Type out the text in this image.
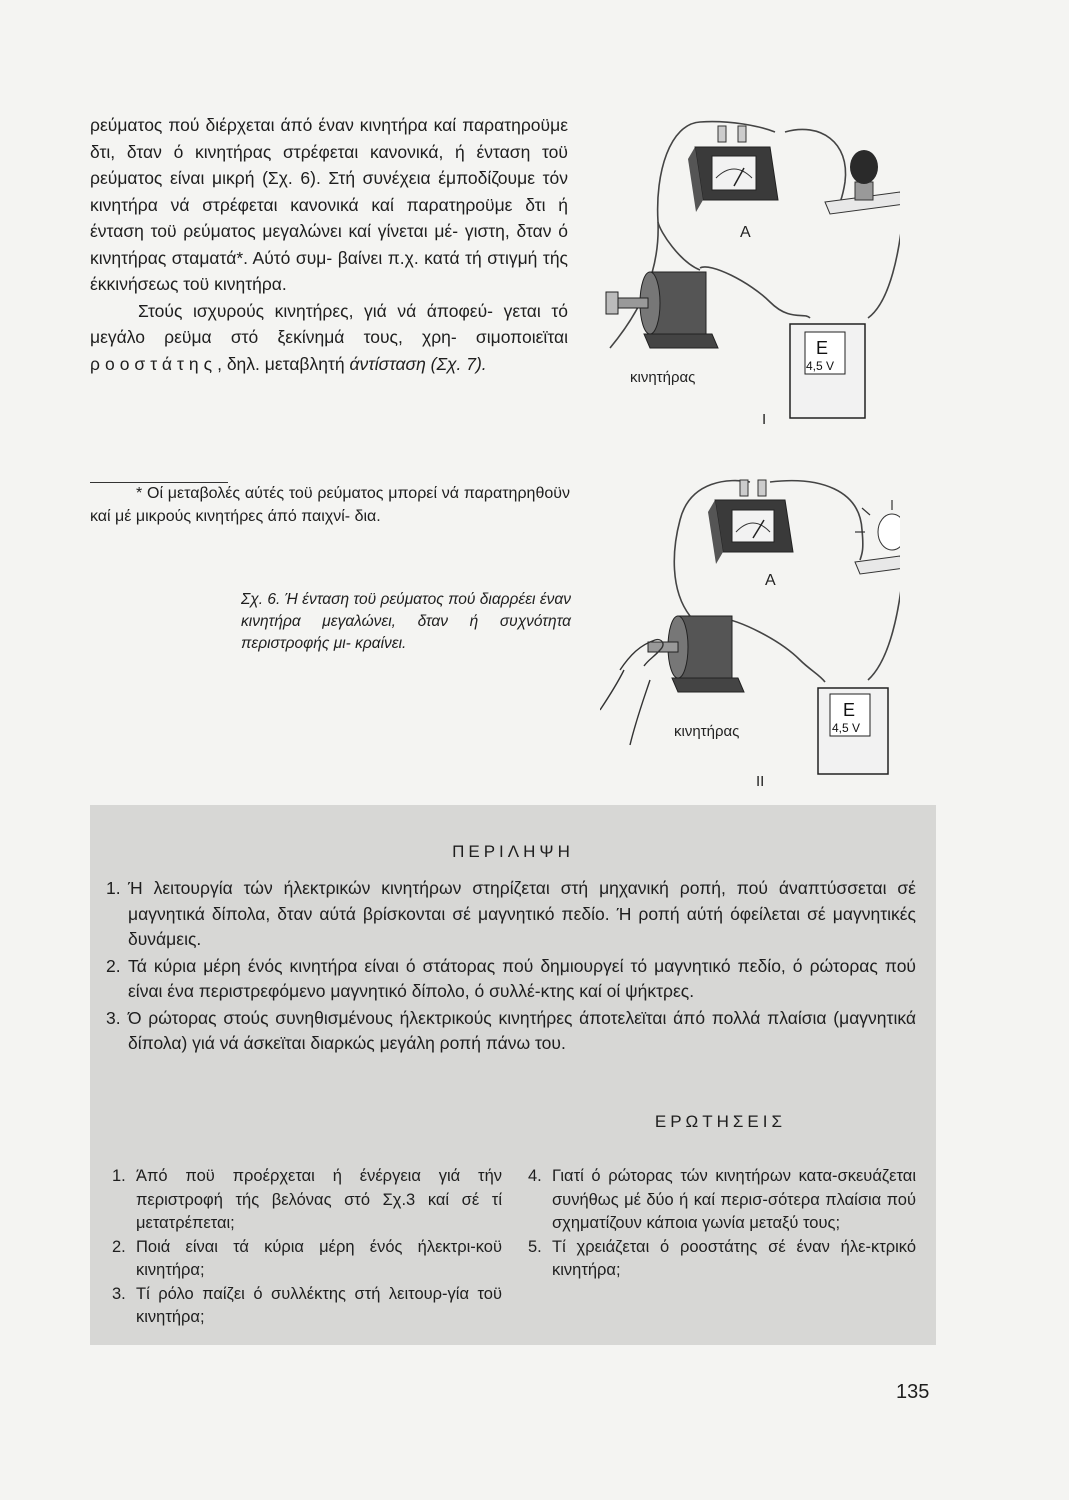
ρεύματος πού διέρχεται άπό έναν κινητήρα καί παρατηροϋμε δτι, δταν ό κινητήρας στρέφεται κανονικά, ή ένταση τοϋ ρεύματος είναι μικρή (Σχ. 6). Στή συνέχεια έμποδίζουμε τόν κινητήρα νά στρέφεται κανονικά καί παρατηροϋμε δτι ή ένταση τοϋ ρεύματος μεγαλώνει καί γίνεται μέ- γιστη, δταν ό κινητήρας σταματά*. Αύτό συμ- βαίνει π.χ. κατά τή στιγμή τής έκκινήσεως τοϋ κινητήρα.

Στούς ισχυρούς κινητήρες, γιά νά άποφεύ- γεται τό μεγάλο ρεϋμα στό ξεκίνημά τους, χρη- σιμοποιεϊται ροοστάτης, δηλ. μεταβλητή άντίσταση (Σχ. 7).

* Οί μεταβολές αύτές τοϋ ρεύματος μπορεί νά παρατηρηθοϋν καί μέ μικρούς κινητήρες άπό παιχνί- δια.

Σχ. 6. Ή ένταση τοϋ ρεύματος πού διαρρέει έναν κινητήρα μεγαλώνει, δταν ή συχνότητα περιστροφής μι- κραίνει.

A
E
4,5 V
κινητήρας
I
A
E
4,5 V
κινητήρας
II
ΠΕΡΙΛΗΨΗ
1. Ή λειτουργία τών ήλεκτρικών κινητήρων στηρίζεται στή μηχανική ροπή, πού άναπτύσσεται σέ μαγνητικά δίπολα, δταν αύτά βρίσκονται σέ μαγνητικό πεδίο. Ή ροπή αύτή όφείλεται σέ μαγνητικές δυνάμεις.
2. Τά κύρια μέρη ένός κινητήρα είναι ό στάτορας πού δημιουργεί τό μαγνητικό πεδίο, ό ρώτορας πού είναι ένα περιστρεφόμενο μαγνητικό δίπολο, ό συλλέ-κτης καί οί ψήκτρες.
3. Ό ρώτορας στούς συνηθισμένους ήλεκτρικούς κινητήρες άποτελεϊται άπό πολλά πλαίσια (μαγνητικά δίπολα) γιά νά άσκεϊται διαρκώς μεγάλη ροπή πάνω του.
ΕΡΩΤΗΣΕΙΣ
1. Άπό ποϋ προέρχεται ή ένέργεια γιά τήν περιστροφή τής βελόνας στό Σχ.3 καί σέ τί μετατρέπεται;
2. Ποιά είναι τά κύρια μέρη ένός ήλεκτρι-κοϋ κινητήρα;
3. Τί ρόλο παίζει ό συλλέκτης στή λειτουρ-γία τοϋ κινητήρα;
4. Γιατί ό ρώτορας τών κινητήρων κατα-σκευάζεται συνήθως μέ δύο ή καί περισ-σότερα πλαίσια πού σχηματίζουν κάποια γωνία μεταξύ τους;
5. Τί χρειάζεται ό ροοστάτης σέ έναν ήλε-κτρικό κινητήρα;
135
